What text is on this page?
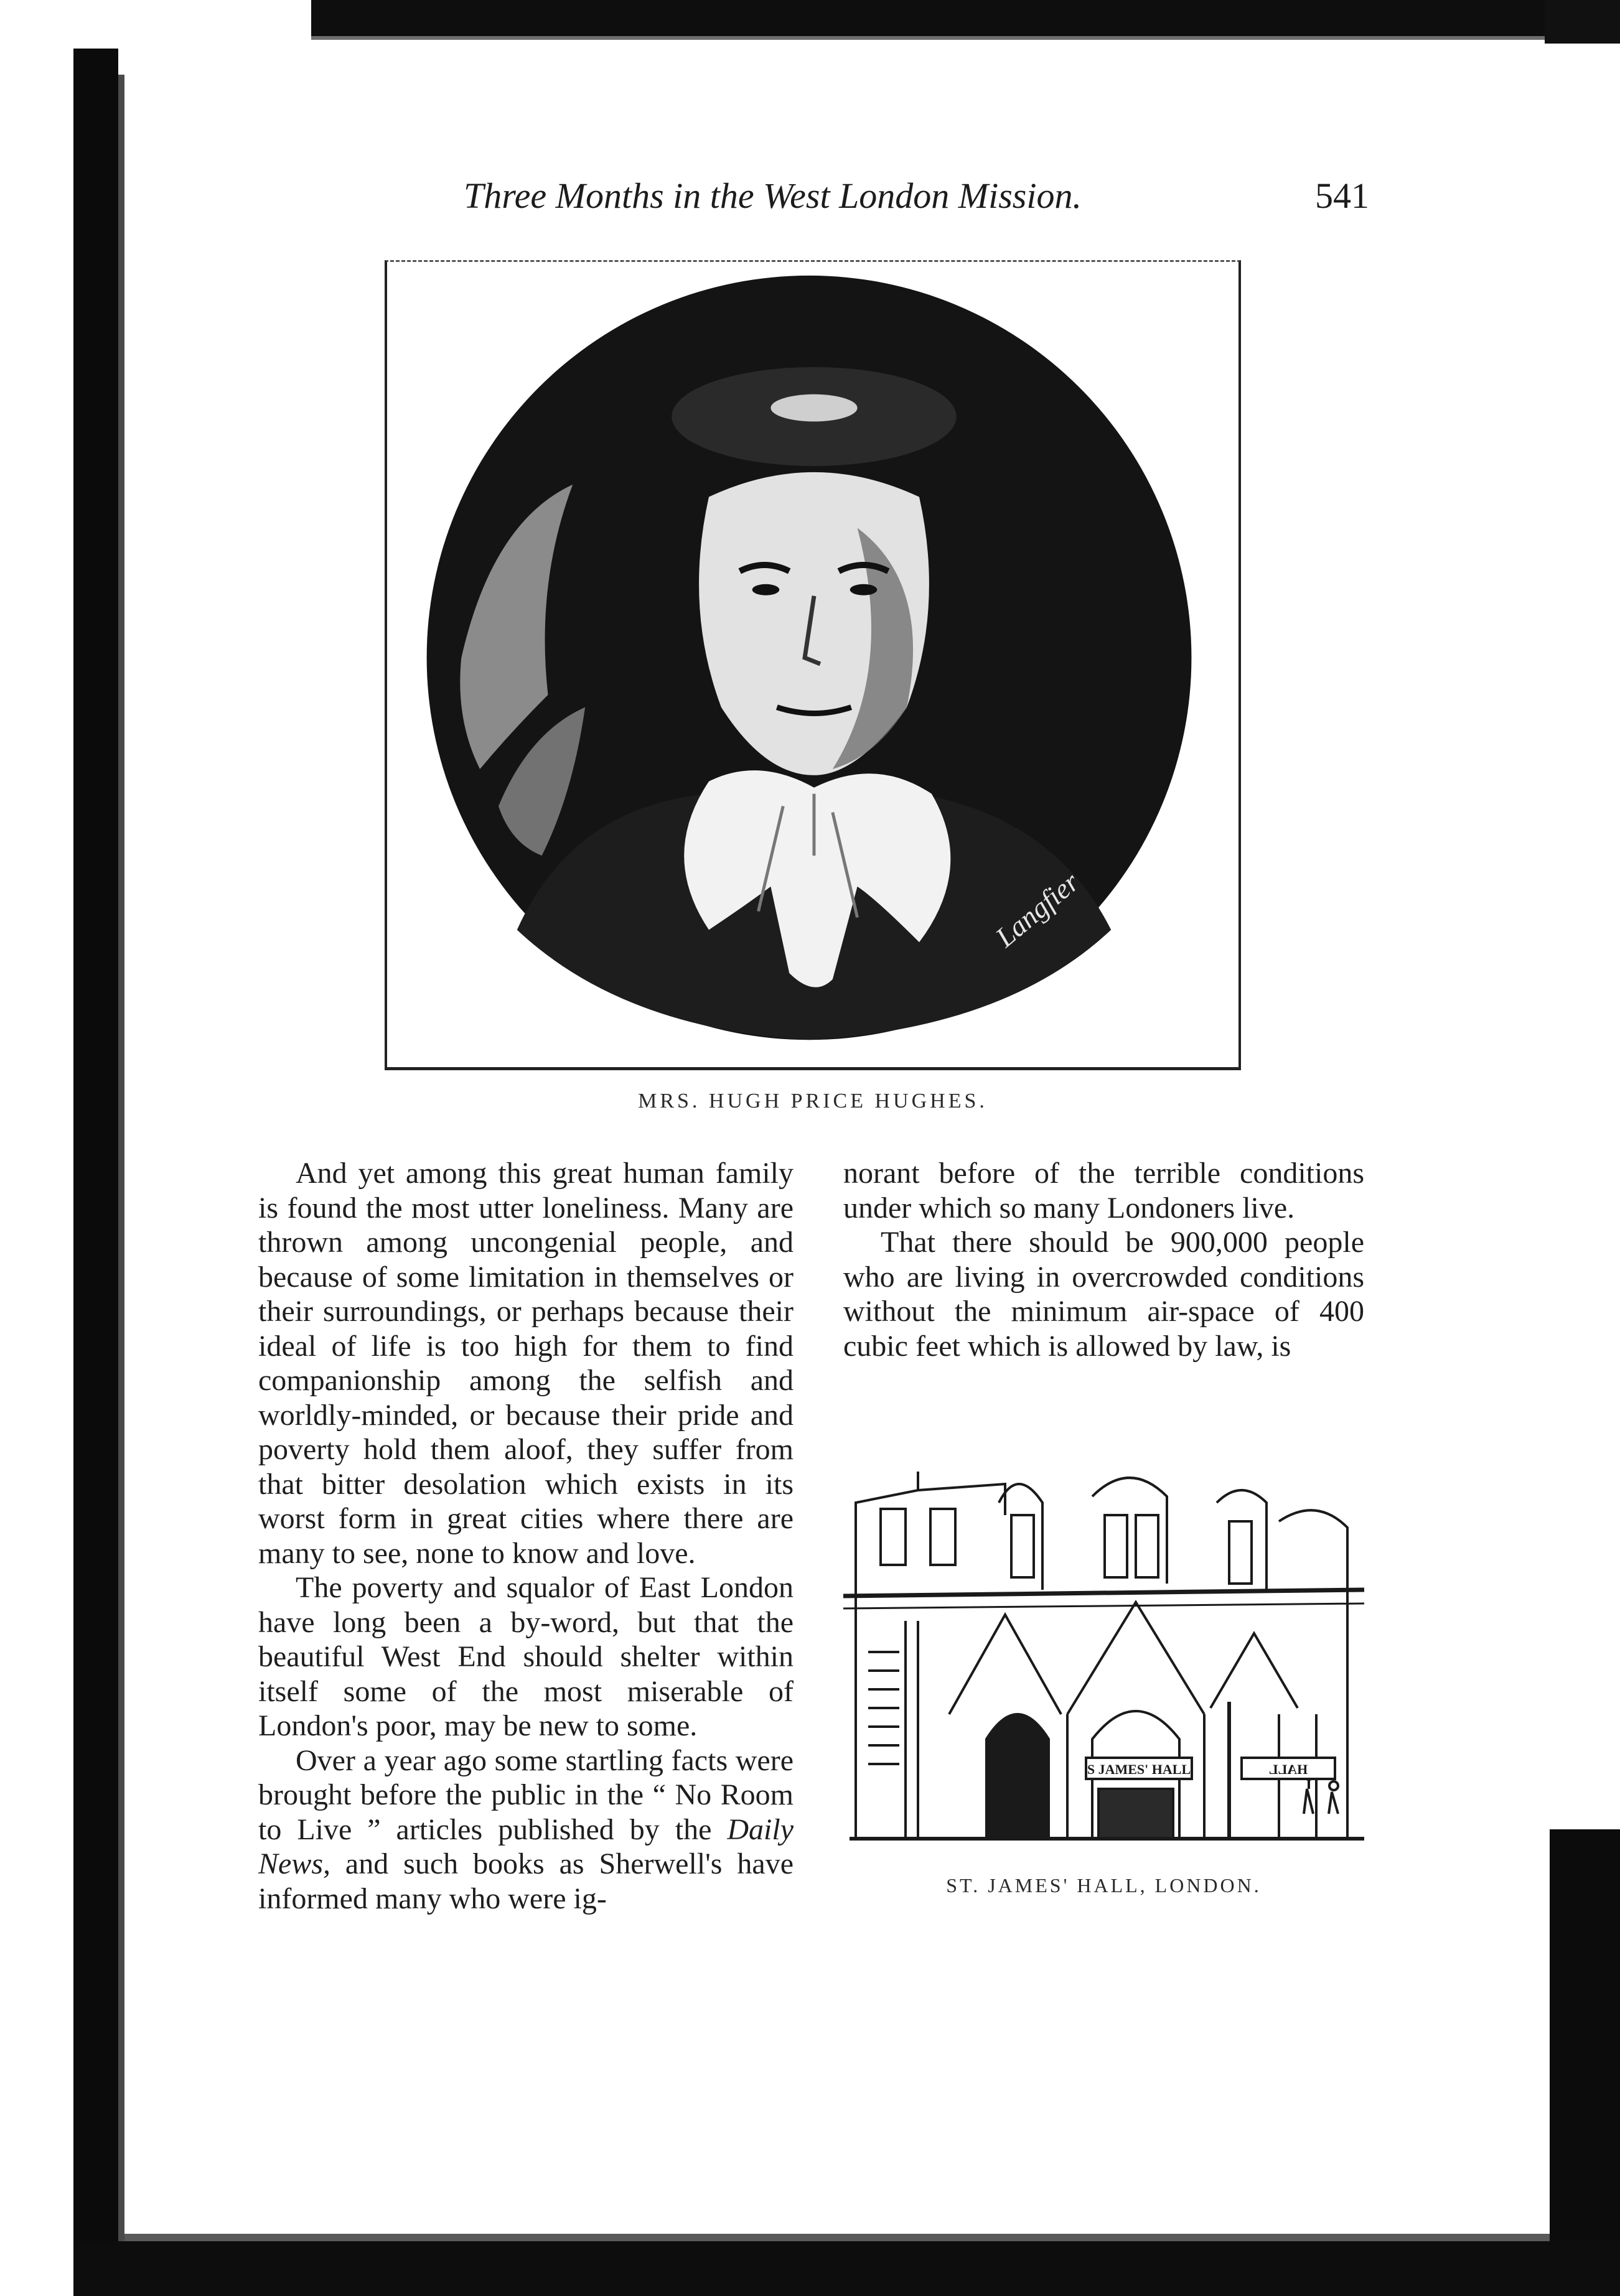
Three Months in the West London Mission.	541
Langfier
MRS. HUGH PRICE HUGHES.

And yet among this great human family is found the most utter loneliness. Many are thrown among uncongenial people, and because of some limitation in themselves or their surroundings, or perhaps because their ideal of life is too high for them to find companionship among the selfish and worldly-minded, or because their pride and poverty hold them aloof, they suffer from that bitter desolation which exists in its worst form in great cities where there are many to see, none to know and love.

The poverty and squalor of East London have long been a by-word, but that the beautiful West End should shelter within itself some of the most miserable of London's poor, may be new to some.

Over a year ago some startling facts were brought before the public in the “ No Room to Live ” articles published by the Daily News, and such books as Sherwell's have informed many who were ig-

norant before of the terrible conditions under which so many Londoners live.

That there should be 900,000 people who are living in overcrowded conditions without the minimum air-space of 400 cubic feet which is allowed by law, is

S JAMES' HALL	HALL
ST. JAMES' HALL, LONDON.
